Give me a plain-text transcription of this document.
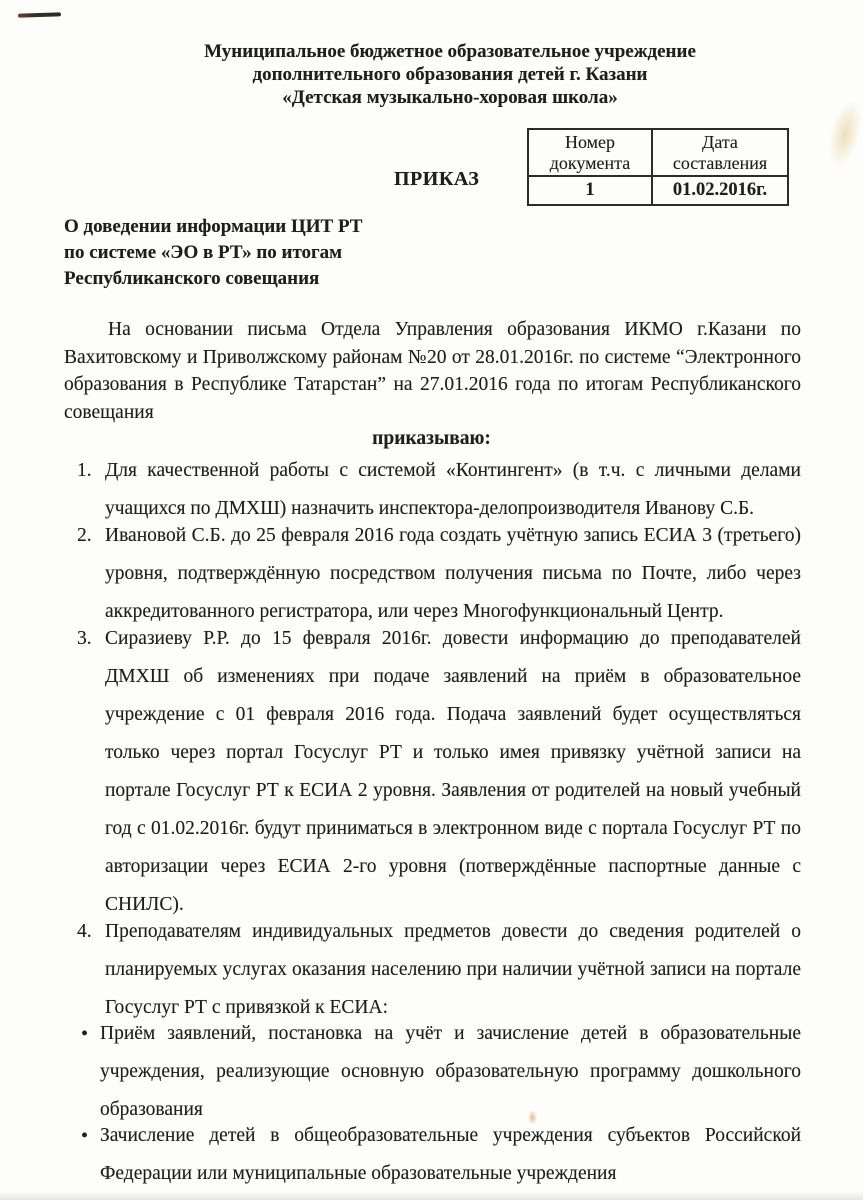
Муниципальное бюджетное образовательное учреждение
дополнительного образования детей г. Казани
«Детская музыкально-хоровая школа»
ПРИКАЗ
Номер документа	Дата составления
1	01.02.2016г.
О доведении информации ЦИТ РТ
по системе «ЭО в РТ» по итогам
Республиканского совещания

На основании письма Отдела Управления образования ИКМО г.Казани по Вахитовскому и Приволжскому районам №20 от 28.01.2016г. по системе “Электронного образования в Республике Татарстан” на 27.01.2016 года по итогам Республиканского совещания

приказываю:
Для качественной работы с системой «Контингент» (в т.ч. с личными делами учащихся по ДМХШ) назначить инспектора-делопроизводителя Иванову С.Б.
Ивановой С.Б. до 25 февраля 2016 года создать учётную запись ЕСИА 3 (третьего) уровня, подтверждённую посредством получения письма по Почте, либо через аккредитованного регистратора, или через Многофункциональный Центр.
Сиразиеву Р.Р. до 15 февраля 2016г. довести информацию до преподавателей ДМХШ об изменениях при подаче заявлений на приём в образовательное учреждение с 01 февраля 2016 года. Подача заявлений будет осуществляться только через портал Госуслуг РТ и только имея привязку учётной записи на портале Госуслуг РТ к ЕСИА 2 уровня. Заявления от родителей на новый учебный год с 01.02.2016г. будут приниматься в электронном виде с портала Госуслуг РТ по авторизации через ЕСИА 2-го уровня (потверждённые паспортные данные с СНИЛС).
Преподавателям индивидуальных предметов довести до сведения родителей о планируемых услугах оказания населению при наличии учётной записи на портале Госуслуг РТ с привязкой к ЕСИА:
• Приём заявлений, постановка на учёт и зачисление детей в образовательные учреждения, реализующие основную образовательную программу дошкольного образования
• Зачисление детей в общеобразовательные учреждения субъектов Российской Федерации или муниципальные образовательные учреждения
